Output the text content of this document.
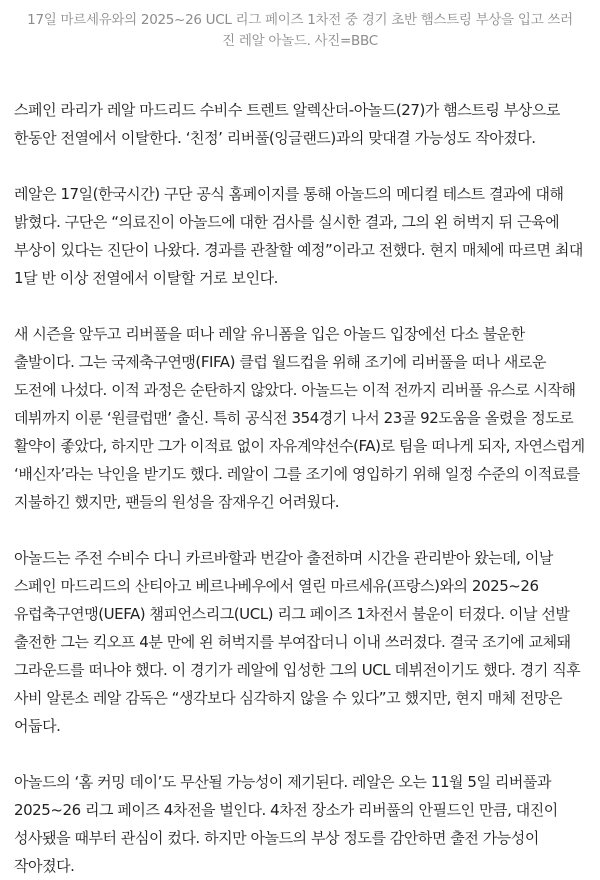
17일 마르세유와의 2025~26 UCL 리그 페이즈 1차전 중 경기 초반 햄스트링 부상을 입고 쓰러진 레알 아놀드. 사진=BBC

스페인 라리가 레알 마드리드 수비수 트렌트 알렉산더-아놀드(27)가 햄스트링 부상으로 한동안 전열에서 이탈한다. ‘친정’ 리버풀(잉글랜드)과의 맞대결 가능성도 작아졌다.

레알은 17일(한국시간) 구단 공식 홈페이지를 통해 아놀드의 메디컬 테스트 결과에 대해 밝혔다. 구단은 “의료진이 아놀드에 대한 검사를 실시한 결과, 그의 왼 허벅지 뒤 근육에 부상이 있다는 진단이 나왔다. 경과를 관찰할 예정”이라고 전했다. 현지 매체에 따르면 최대 1달 반 이상 전열에서 이탈할 거로 보인다.

새 시즌을 앞두고 리버풀을 떠나 레알 유니폼을 입은 아놀드 입장에선 다소 불운한 출발이다. 그는 국제축구연맹(FIFA) 클럽 월드컵을 위해 조기에 리버풀을 떠나 새로운 도전에 나섰다. 이적 과정은 순탄하지 않았다. 아놀드는 이적 전까지 리버풀 유스로 시작해 데뷔까지 이룬 ‘원클럽맨’ 출신. 특히 공식전 354경기 나서 23골 92도움을 올렸을 정도로 활약이 좋았다, 하지만 그가 이적료 없이 자유계약선수(FA)로 팀을 떠나게 되자, 자연스럽게 ‘배신자’라는 낙인을 받기도 했다. 레알이 그를 조기에 영입하기 위해 일정 수준의 이적료를 지불하긴 했지만, 팬들의 원성을 잠재우긴 어려웠다.

아놀드는 주전 수비수 다니 카르바할과 번갈아 출전하며 시간을 관리받아 왔는데, 이날 스페인 마드리드의 산티아고 베르나베우에서 열린 마르세유(프랑스)와의 2025~26 유럽축구연맹(UEFA) 챔피언스리그(UCL) 리그 페이즈 1차전서 불운이 터졌다. 이날 선발 출전한 그는 킥오프 4분 만에 왼 허벅지를 부여잡더니 이내 쓰러졌다. 결국 조기에 교체돼 그라운드를 떠나야 했다. 이 경기가 레알에 입성한 그의 UCL 데뷔전이기도 했다. 경기 직후 사비 알론소 레알 감독은 “생각보다 심각하지 않을 수 있다”고 했지만, 현지 매체 전망은 어둡다.

아놀드의 ‘홈 커밍 데이’도 무산될 가능성이 제기된다. 레알은 오는 11월 5일 리버풀과 2025~26 리그 페이즈 4차전을 벌인다. 4차전 장소가 리버풀의 안필드인 만큼, 대진이 성사됐을 때부터 관심이 컸다. 하지만 아놀드의 부상 정도를 감안하면 출전 가능성이 작아졌다.
